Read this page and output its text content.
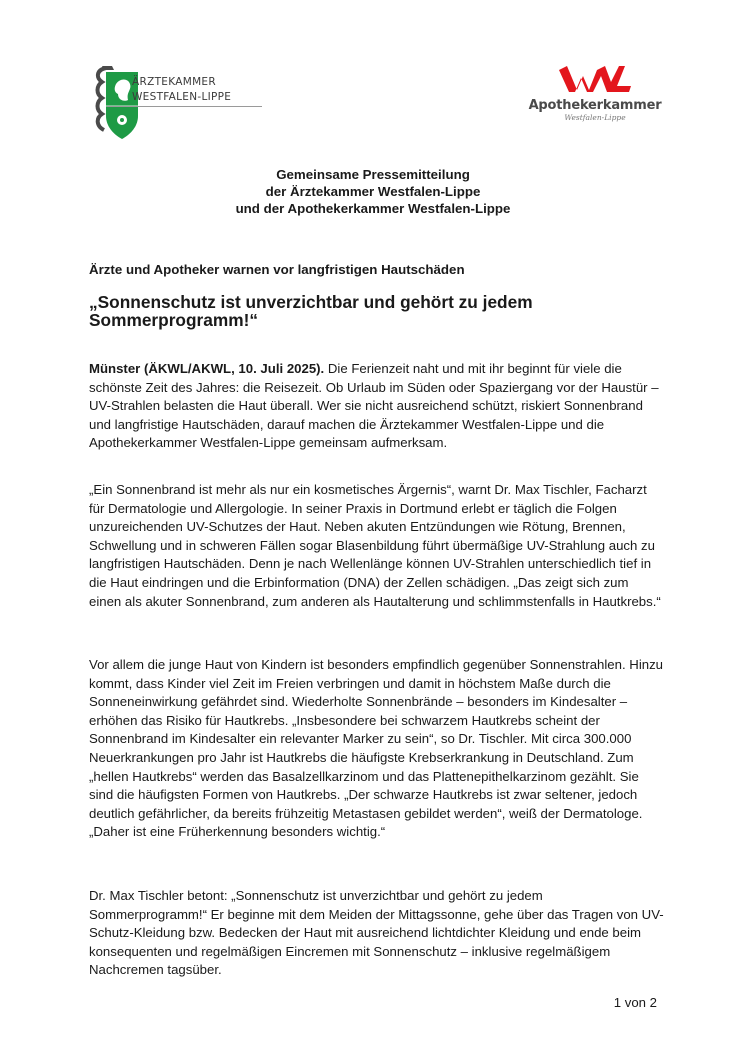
ÄRZTEKAMMER
WESTFALEN-LIPPE
Apothekerkammer
Westfalen-Lippe
Gemeinsame Pressemitteilung
der Ärztekammer Westfalen-Lippe
und der Apothekerkammer Westfalen-Lippe
Ärzte und Apotheker warnen vor langfristigen Hautschäden
„Sonnenschutz ist unverzichtbar und gehört zu jedem Sommerprogramm!“
Münster (ÄKWL/AKWL, 10. Juli 2025). Die Ferienzeit naht und mit ihr beginnt für viele die schönste Zeit des Jahres: die Reisezeit. Ob Urlaub im Süden oder Spaziergang vor der Haustür – UV-Strahlen belasten die Haut überall. Wer sie nicht ausreichend schützt, riskiert Sonnenbrand und langfristige Hautschäden, darauf machen die Ärztekammer Westfalen-Lippe und die Apothekerkammer Westfalen-Lippe gemeinsam aufmerksam.
„Ein Sonnenbrand ist mehr als nur ein kosmetisches Ärgernis“, warnt Dr. Max Tischler, Facharzt für Dermatologie und Allergologie. In seiner Praxis in Dortmund erlebt er täglich die Folgen unzureichenden UV-Schutzes der Haut. Neben akuten Entzündungen wie Rötung, Brennen, Schwellung und in schweren Fällen sogar Blasenbildung führt übermäßige UV-Strahlung auch zu langfristigen Hautschäden. Denn je nach Wellenlänge können UV-Strahlen unterschiedlich tief in die Haut eindringen und die Erbinformation (DNA) der Zellen schädigen. „Das zeigt sich zum einen als akuter Sonnenbrand, zum anderen als Hautalterung und schlimmstenfalls in Hautkrebs.“
Vor allem die junge Haut von Kindern ist besonders empfindlich gegenüber Sonnenstrahlen. Hinzu kommt, dass Kinder viel Zeit im Freien verbringen und damit in höchstem Maße durch die Sonneneinwirkung gefährdet sind. Wiederholte Sonnenbrände – besonders im Kindesalter – erhöhen das Risiko für Hautkrebs. „Insbesondere bei schwarzem Hautkrebs scheint der Sonnenbrand im Kindesalter ein relevanter Marker zu sein“, so Dr. Tischler. Mit circa 300.000 Neuerkrankungen pro Jahr ist Hautkrebs die häufigste Krebserkrankung in Deutschland. Zum „hellen Hautkrebs“ werden das Basalzellkarzinom und das Plattenepithelkarzinom gezählt. Sie sind die häufigsten Formen von Hautkrebs. „Der schwarze Hautkrebs ist zwar seltener, jedoch deutlich gefährlicher, da bereits frühzeitig Metastasen gebildet werden“, weiß der Dermatologe. „Daher ist eine Früherkennung besonders wichtig.“
Dr. Max Tischler betont: „Sonnenschutz ist unverzichtbar und gehört zu jedem Sommerprogramm!“ Er beginne mit dem Meiden der Mittagssonne, gehe über das Tragen von UV-Schutz-Kleidung bzw. Bedecken der Haut mit ausreichend lichtdichter Kleidung und ende beim konsequenten und regelmäßigen Eincremen mit Sonnenschutz – inklusive regelmäßigem Nachcremen tagsüber.
1 von 2
